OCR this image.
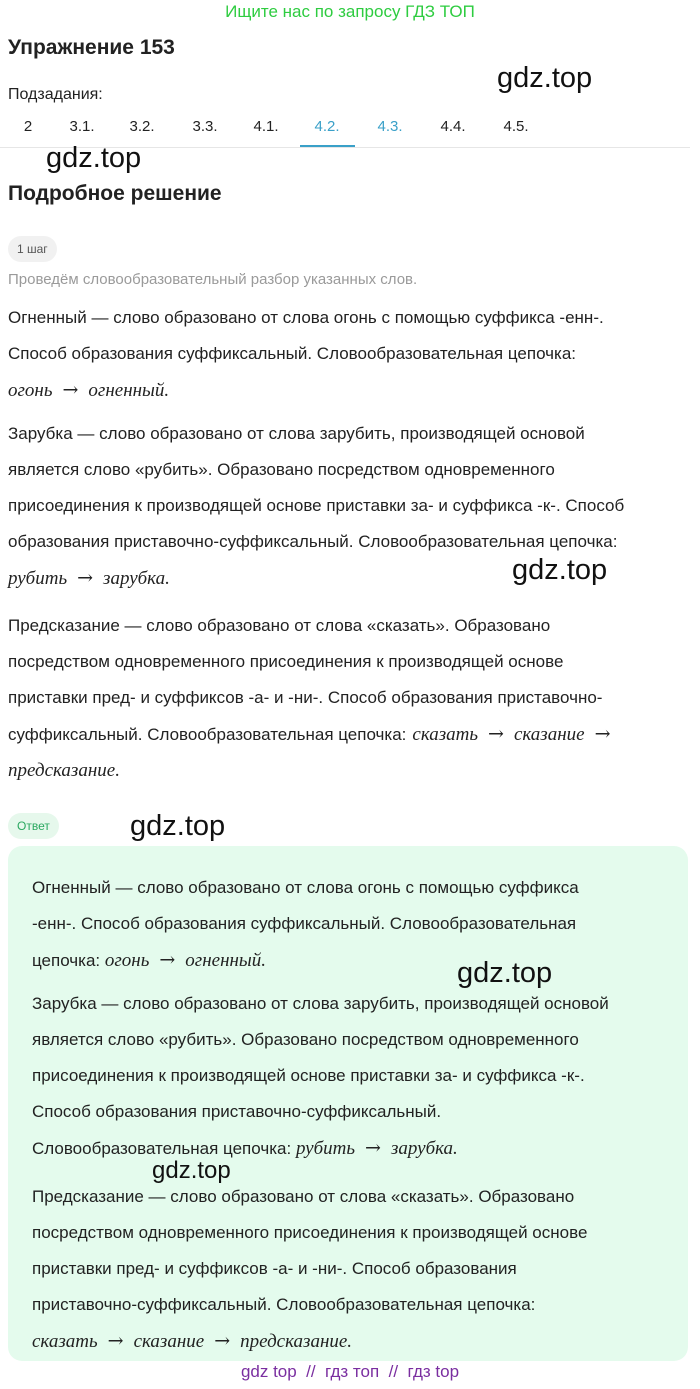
Ищите нас по запросу ГДЗ ТОП
Упражнение 153
gdz.top
Подзадания:
2	3.1.	3.2.	3.3.	4.1.	4.2.	4.3.	4.4.	4.5.
gdz.top
Подробное решение
1 шаг
Проведём словообразовательный разбор указанных слов.
Огненный — слово образовано от слова огонь с помощью суффикса -енн-.
Способ образования суффиксальный. Словообразовательная цепочка:
огонь → огненный.
Зарубка — слово образовано от слова зарубить, производящей основой
является слово «рубить». Образовано посредством одновременного
присоединения к производящей основе приставки за- и суффикса -к-. Способ
образования приставочно-суффиксальный. Словообразовательная цепочка:
рубить → зарубка.	gdz.top
Предсказание — слово образовано от слова «сказать». Образовано
посредством одновременного присоединения к производящей основе
приставки пред- и суффиксов -а- и -ни-. Способ образования приставочно-
суффиксальный. Словообразовательная цепочка: сказать → сказание →
предсказание.
Ответ	gdz.top
Огненный — слово образовано от слова огонь с помощью суффикса
-енн-. Способ образования суффиксальный. Словообразовательная
цепочка: огонь → огненный.	gdz.top
Зарубка — слово образовано от слова зарубить, производящей основой
является слово «рубить». Образовано посредством одновременного
присоединения к производящей основе приставки за- и суффикса -к-.
Способ образования приставочно-суффиксальный.
Словообразовательная цепочка: рубить → зарубка.
gdz.top
Предсказание — слово образовано от слова «сказать». Образовано
посредством одновременного присоединения к производящей основе
приставки пред- и суффиксов -а- и -ни-. Способ образования
приставочно-суффиксальный. Словообразовательная цепочка:
сказать → сказание → предсказание.
gdz top  //  гдз топ  //  гдз top
